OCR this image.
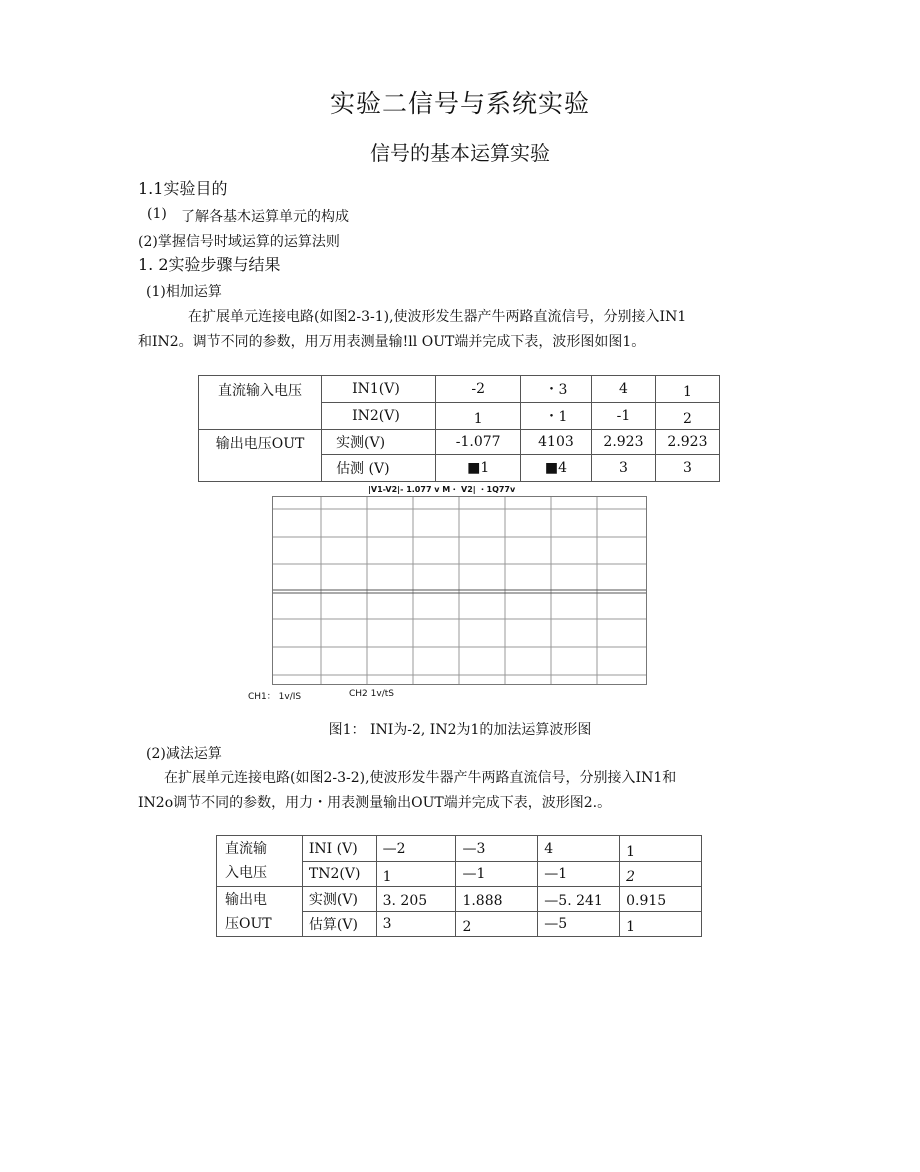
实验二信号与系统实验
信号的基本运算实验
1.1实验目的
(1) 了解各基木运算单元的构成
(2)掌握信号时域运算的运算法则
1. 2实验步骤与结果
(1)相加运算
在扩展单元连接电路(如图2-3-1),使波形发生器产牛两路直流信号，分别接入IN1
和IN2。调节不同的参数，用万用表测量输!ll OUT端并完成下表，波形图如图1。
直流输入电压	IN1(V)	-2	・3	4	1
	IN2(V)	1	・1	-1	2
输出电压OUT	实测(V)	-1.077	4103	2.923	2.923
	估测 (V)	■1	■4	3	3
|V1-V2|- 1.077 v M・ V2| ・1Q77v
CH1： 1v/IS	CH2 1v/tS
图1： INI为-2, IN2为1的加法运算波形图
(2)减法运算
在扩展单元连接电路(如图2-3-2),使波形发牛器产牛两路直流信号，分别接入IN1和
IN2o调节不同的参数，用力・用表测量输出OUT端并完成下表，波形图2.。
直流输
入电压	INI (V)	—2	—3	4	1
	TN2(V)	1	—1	—1	2
输出电
压OUT	实测(V)	3. 205	1.888	—5. 241	0.915
	估算(V)	3	2	—5	1
